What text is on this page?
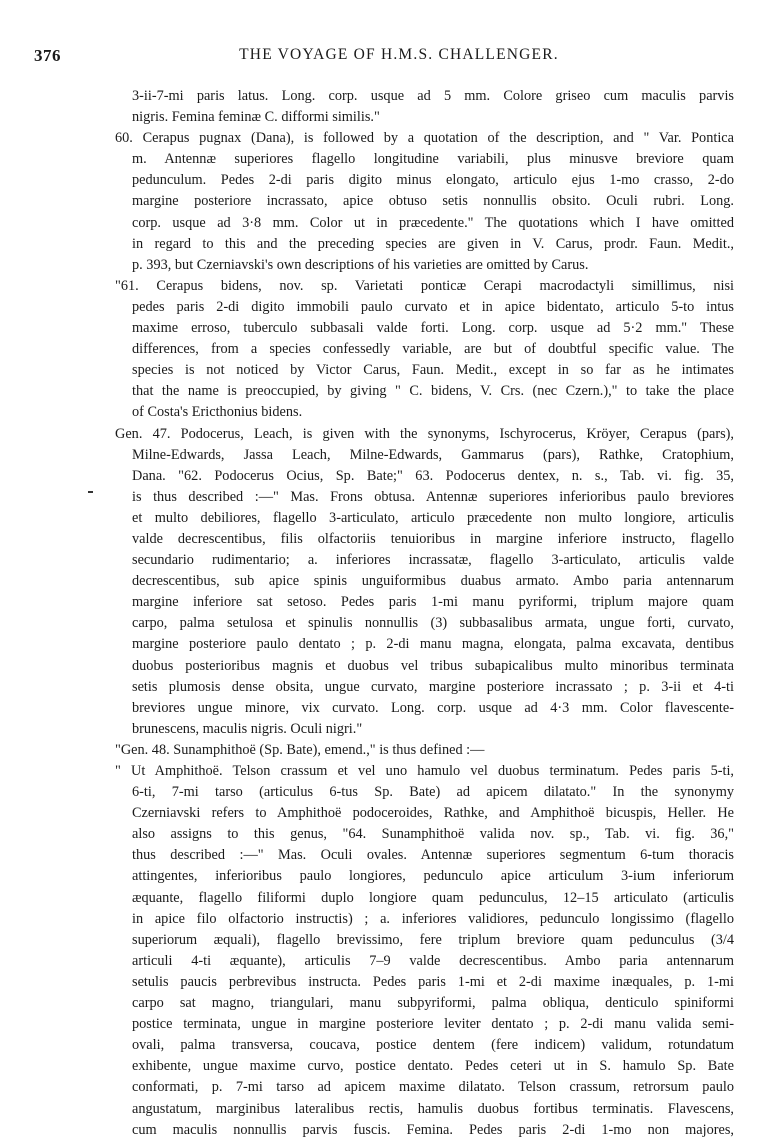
376	THE VOYAGE OF H.M.S. CHALLENGER.
3-ii-7-mi paris latus. Long. corp. usque ad 5 mm. Colore griseo cum maculis parvis
nigris. Femina feminæ C. difformi similis."
60. Cerapus pugnax (Dana), is followed by a quotation of the description, and " Var. Pontica
m. Antennæ superiores flagello longitudine variabili, plus minusve breviore quam
pedunculum. Pedes 2-di paris digito minus elongato, articulo ejus 1-mo crasso, 2-do
margine posteriore incrassato, apice obtuso setis nonnullis obsito. Oculi rubri. Long.
corp. usque ad 3·8 mm. Color ut in præcedente." The quotations which I have omitted
in regard to this and the preceding species are given in V. Carus, prodr. Faun. Medit.,
p. 393, but Czerniavski's own descriptions of his varieties are omitted by Carus.
"61. Cerapus bidens, nov. sp. Varietati ponticæ Cerapi macrodactyli simillimus, nisi
pedes paris 2-di digito immobili paulo curvato et in apice bidentato, articulo 5-to intus
maxime erroso, tuberculo subbasali valde forti. Long. corp. usque ad 5·2 mm." These
differences, from a species confessedly variable, are but of doubtful specific value. The
species is not noticed by Victor Carus, Faun. Medit., except in so far as he intimates
that the name is preoccupied, by giving " C. bidens, V. Crs. (nec Czern.)," to take the place
of Costa's Ericthonius bidens.
Gen. 47. Podocerus, Leach, is given with the synonyms, Ischyrocerus, Kröyer, Cerapus (pars),
Milne-Edwards, Jassa Leach, Milne-Edwards, Gammarus (pars), Rathke, Cratophium,
Dana. "62. Podocerus Ocius, Sp. Bate;" 63. Podocerus dentex, n. s., Tab. vi. fig. 35,
is thus described :—" Mas. Frons obtusa. Antennæ superiores inferioribus paulo breviores
et multo debiliores, flagello 3-articulato, articulo præcedente non multo longiore, articulis
valde decrescentibus, filis olfactoriis tenuioribus in margine inferiore instructo, flagello
secundario rudimentario; a. inferiores incrassatæ, flagello 3-articulato, articulis valde
decrescentibus, sub apice spinis unguiformibus duabus armato. Ambo paria antennarum
margine inferiore sat setoso. Pedes paris 1-mi manu pyriformi, triplum majore quam
carpo, palma setulosa et spinulis nonnullis (3) subbasalibus armata, ungue forti, curvato,
margine posteriore paulo dentato ; p. 2-di manu magna, elongata, palma excavata, dentibus
duobus posterioribus magnis et duobus vel tribus subapicalibus multo minoribus terminata
setis plumosis dense obsita, ungue curvato, margine posteriore incrassato ; p. 3-ii et 4-ti
breviores ungue minore, vix curvato. Long. corp. usque ad 4·3 mm. Color flavescente-
brunescens, maculis nigris. Oculi nigri."
"Gen. 48. Sunamphithoë (Sp. Bate), emend.," is thus defined :—
" Ut Amphithoë. Telson crassum et vel uno hamulo vel duobus terminatum. Pedes paris 5-ti,
6-ti, 7-mi tarso (articulus 6-tus Sp. Bate) ad apicem dilatato." In the synonymy
Czerniavski refers to Amphithoë podoceroides, Rathke, and Amphithoë bicuspis, Heller. He
also assigns to this genus, "64. Sunamphithoë valida nov. sp., Tab. vi. fig. 36,"
thus described :—" Mas. Oculi ovales. Antennæ superiores segmentum 6-tum thoracis
attingentes, inferioribus paulo longiores, pedunculo apice articulum 3-ium inferiorum
æquante, flagello filiformi duplo longiore quam pedunculus, 12–15 articulato (articulis
in apice filo olfactorio instructis) ; a. inferiores validiores, pedunculo longissimo (flagello
superiorum æquali), flagello brevissimo, fere triplum breviore quam pedunculus (3/4
articuli 4-ti æquante), articulis 7–9 valde decrescentibus. Ambo paria antennarum
setulis paucis perbrevibus instructa. Pedes paris 1-mi et 2-di maxime inæquales, p. 1-mi
carpo sat magno, triangulari, manu subpyriformi, palma obliqua, denticulo spiniformi
postice terminata, ungue in margine posteriore leviter dentato ; p. 2-di manu valida semi-
ovali, palma transversa, coucava, postice dentem (fere indicem) validum, rotundatum
exhibente, ungue maxime curvo, postice dentato. Pedes ceteri ut in S. hamulo Sp. Bate
conformati, p. 7-mi tarso ad apicem maxime dilatato. Telson crassum, retrorsum paulo
angustatum, marginibus lateralibus rectis, hamulis duobus fortibus terminatis. Flavescens,
cum maculis nonnullis parvis fuscis. Femina. Pedes paris 2-di 1-mo non majores,
